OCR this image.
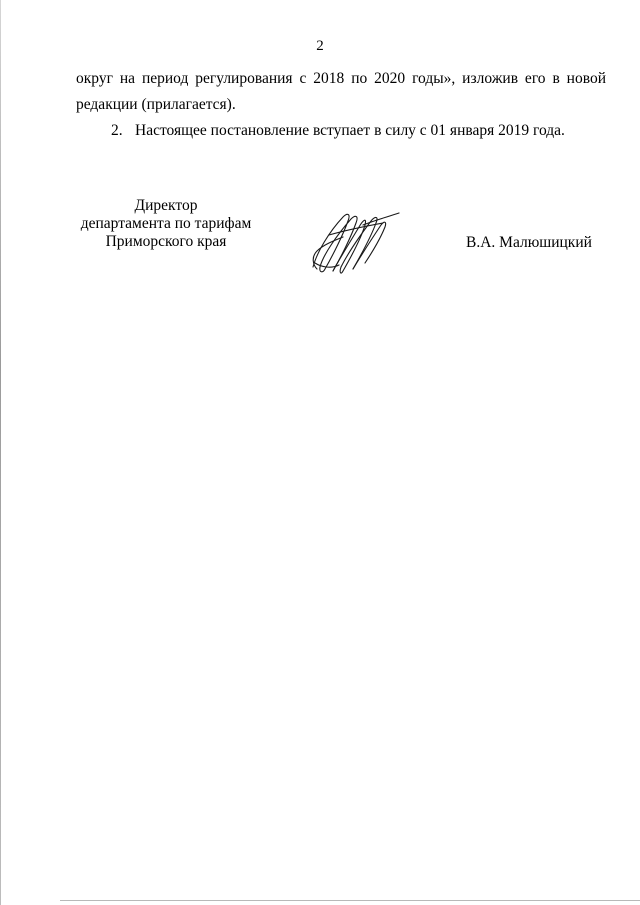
2

округ на период регулирования с 2018 по 2020 годы», изложив его в новой
редакции (прилагается).

2. Настоящее постановление вступает в силу с 01 января 2019 года.

Директор
департамента по тарифам
Приморского края	В.А. Малюшицкий
